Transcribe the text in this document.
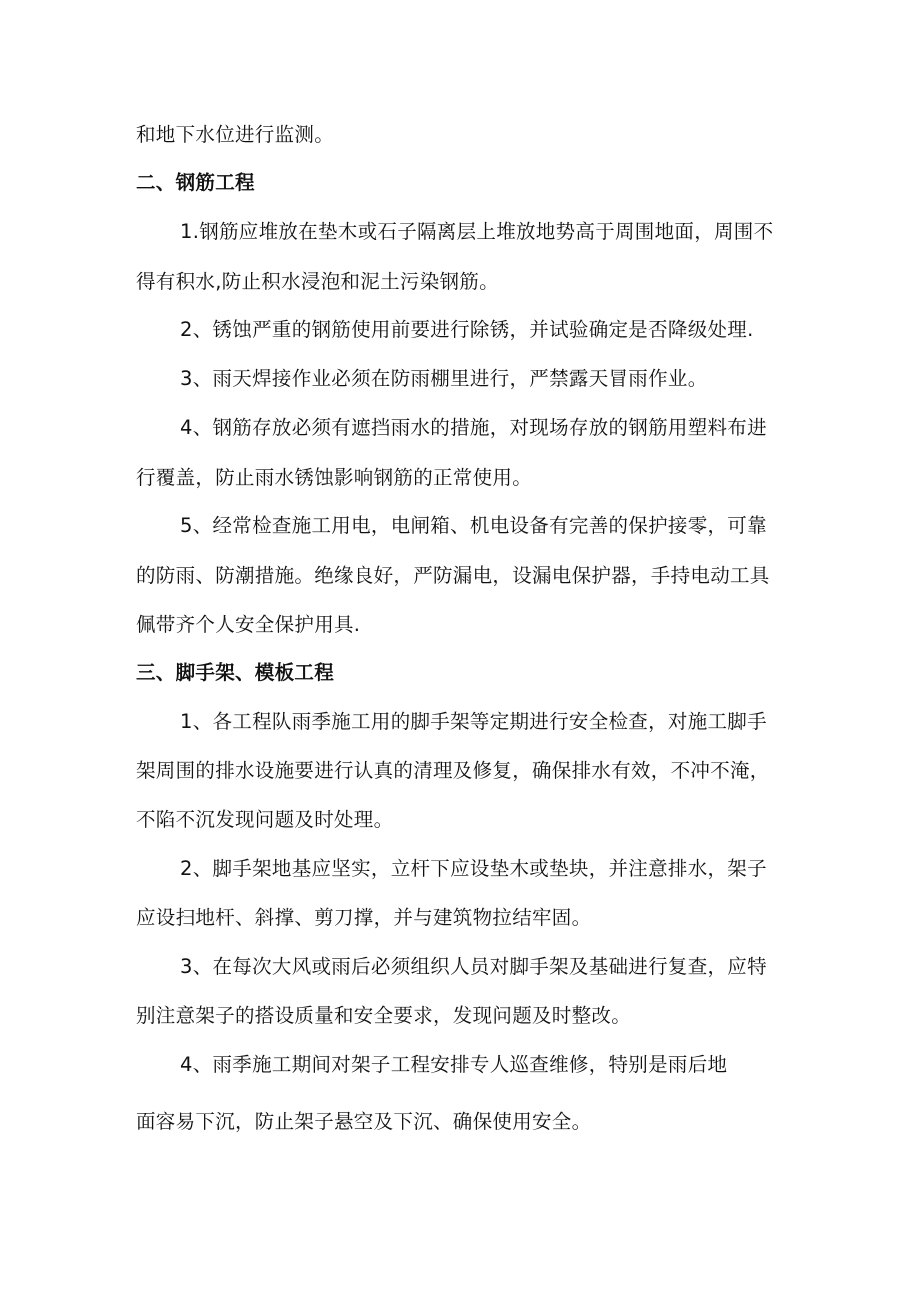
和地下水位进行监测。
二、钢筋工程
1.钢筋应堆放在垫木或石子隔离层上堆放地势高于周围地面，周围不
得有积水,防止积水浸泡和泥土污染钢筋。
2、锈蚀严重的钢筋使用前要进行除锈，并试验确定是否降级处理.
3、雨天焊接作业必须在防雨棚里进行，严禁露天冒雨作业。
4、钢筋存放必须有遮挡雨水的措施，对现场存放的钢筋用塑料布进
行覆盖，防止雨水锈蚀影响钢筋的正常使用。
5、经常检查施工用电，电闸箱、机电设备有完善的保护接零，可靠
的防雨、防潮措施。绝缘良好，严防漏电，设漏电保护器，手持电动工具
佩带齐个人安全保护用具.
三、脚手架、模板工程
1、各工程队雨季施工用的脚手架等定期进行安全检查，对施工脚手
架周围的排水设施要进行认真的清理及修复，确保排水有效，不冲不淹，
不陷不沉发现问题及时处理。
2、脚手架地基应坚实，立杆下应设垫木或垫块，并注意排水，架子
应设扫地杆、斜撑、剪刀撑，并与建筑物拉结牢固。
3、在每次大风或雨后必须组织人员对脚手架及基础进行复查，应特
别注意架子的搭设质量和安全要求，发现问题及时整改。
4、雨季施工期间对架子工程安排专人巡查维修，特别是雨后地
面容易下沉，防止架子悬空及下沉、确保使用安全。
